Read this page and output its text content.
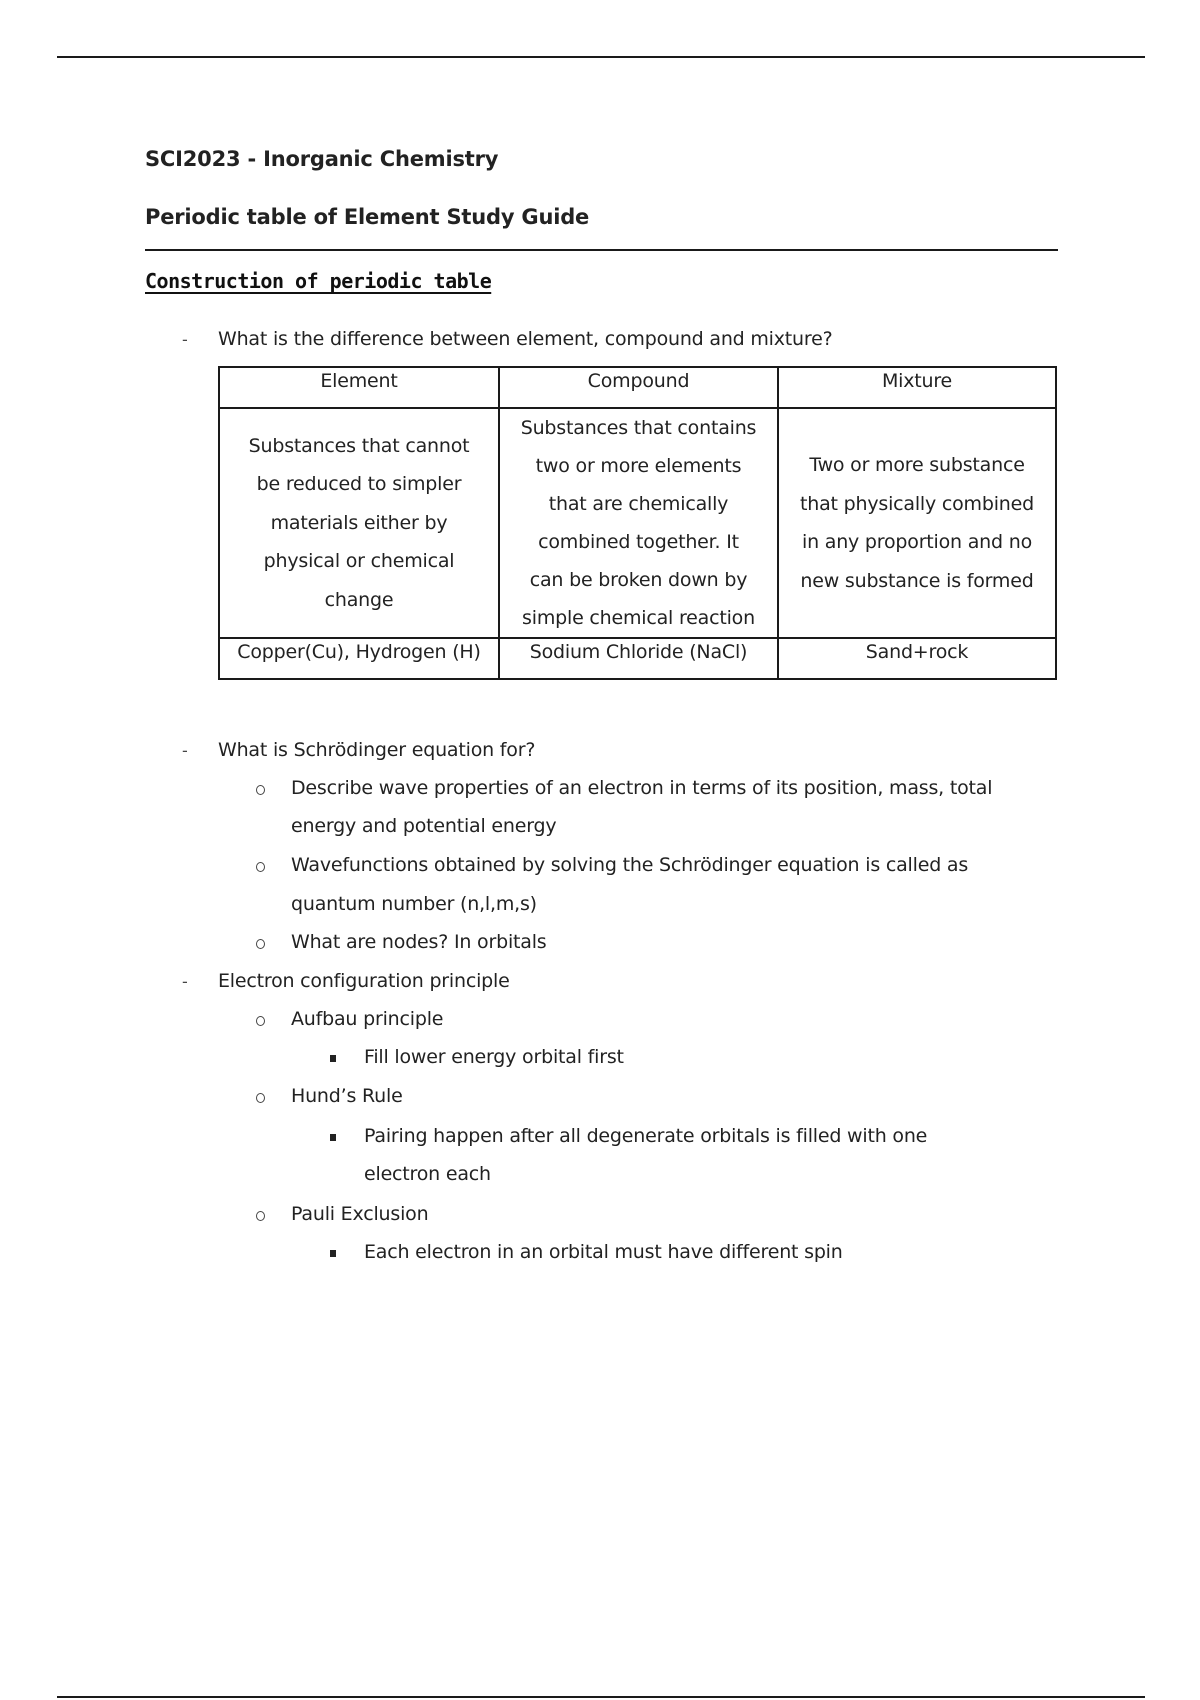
SCI2023 - Inorganic Chemistry
Periodic table of Element Study Guide
Construction of periodic table
- What is the difference between element, compound and mixture?
Element	Compound	Mixture

Substances that cannot
be reduced to simpler
materials either by
physical or chemical
change

Substances that contains
two or more elements
that are chemically
combined together. It
can be broken down by
simple chemical reaction

Two or more substance
that physically combined
in any proportion and no
new substance is formed

Copper(Cu), Hydrogen (H)	Sodium Chloride (NaCl)	Sand+rock
- What is Schrödinger equation for?
Describe wave properties of an electron in terms of its position, mass, total
energy and potential energy
Wavefunctions obtained by solving the Schrödinger equation is called as
quantum number (n,l,m,s)
What are nodes? In orbitals
- Electron configuration principle
Aufbau principle
Fill lower energy orbital first
Hund’s Rule
Pairing happen after all degenerate orbitals is filled with one
electron each
Pauli Exclusion
Each electron in an orbital must have different spin
